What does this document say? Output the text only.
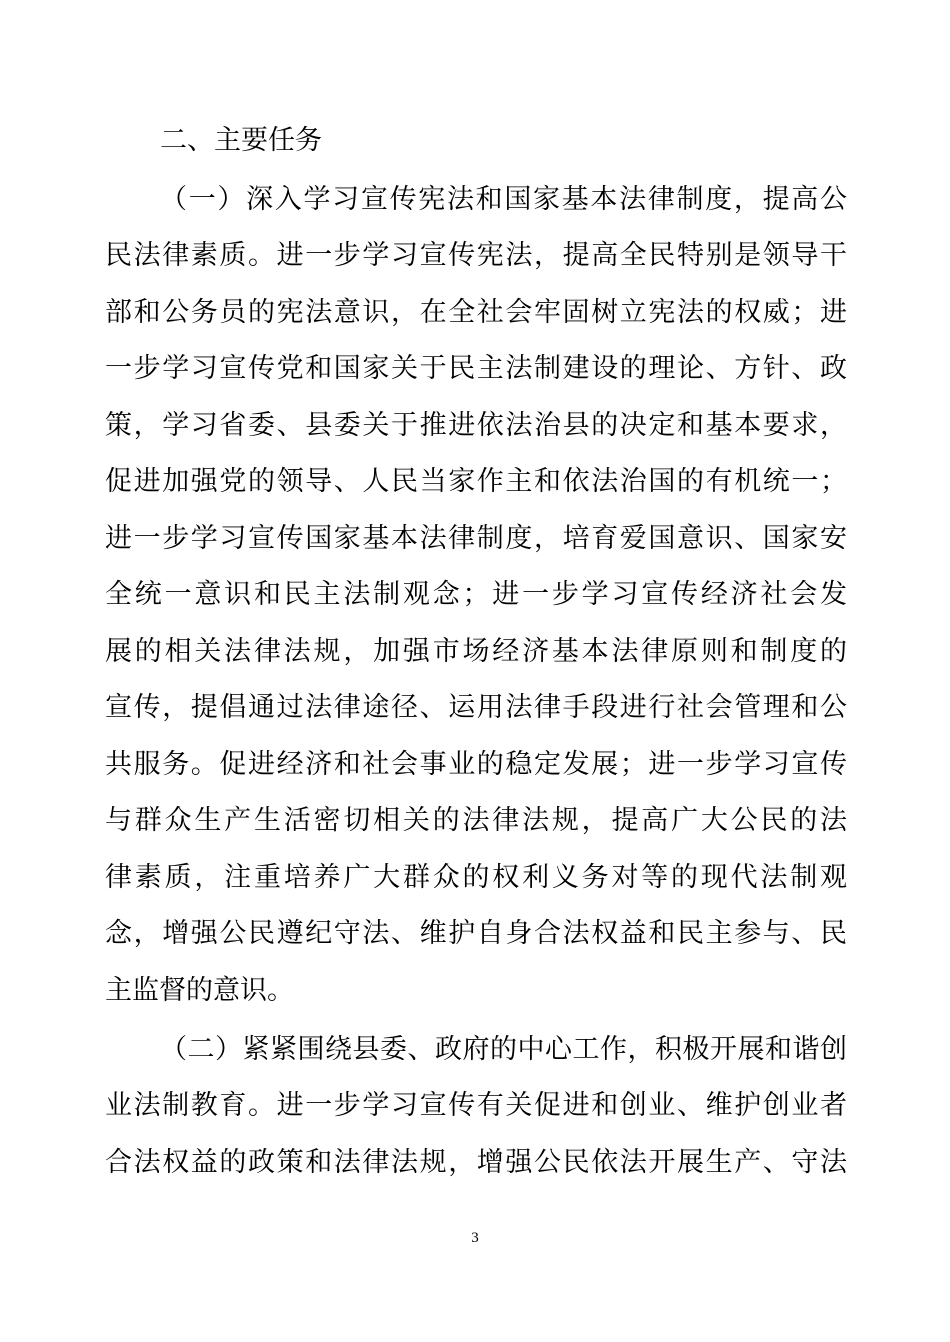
二、主要任务
（一）深入学习宣传宪法和国家基本法律制度，提高公
民法律素质。进一步学习宣传宪法，提高全民特别是领导干
部和公务员的宪法意识，在全社会牢固树立宪法的权威；进
一步学习宣传党和国家关于民主法制建设的理论、方针、政
策，学习省委、县委关于推进依法治县的决定和基本要求，
促进加强党的领导、人民当家作主和依法治国的有机统一；
进一步学习宣传国家基本法律制度，培育爱国意识、国家安
全统一意识和民主法制观念；进一步学习宣传经济社会发
展的相关法律法规，加强市场经济基本法律原则和制度的
宣传，提倡通过法律途径、运用法律手段进行社会管理和公
共服务。促进经济和社会事业的稳定发展；进一步学习宣传
与群众生产生活密切相关的法律法规，提高广大公民的法
律素质，注重培养广大群众的权利义务对等的现代法制观
念，增强公民遵纪守法、维护自身合法权益和民主参与、民
主监督的意识。
（二）紧紧围绕县委、政府的中心工作，积极开展和谐创
业法制教育。进一步学习宣传有关促进和创业、维护创业者
合法权益的政策和法律法规，增强公民依法开展生产、守法
3
